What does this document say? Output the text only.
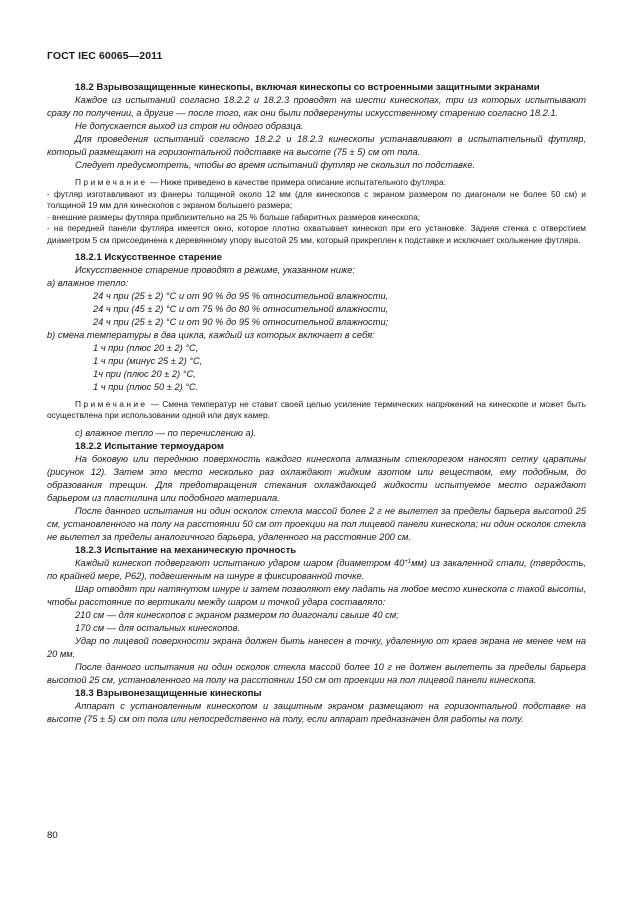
ГОСТ IEC 60065—2011

18.2 Взрывозащищенные кинескопы, включая кинескопы со встроенными защитными экранами

Каждое из испытаний согласно 18.2.2 и 18.2.3 проводят на шести кинескопах, три из которых испытывают сразу по получении, а другие — после того, как они были подвергнуты искусственному старению согласно 18.2.1.

Не допускается выход из строя ни одного образца.

Для проведения испытаний согласно 18.2.2 и 18.2.3 кинескопы устанавливают в испытательный футляр, который размещают на горизонтальной подставке на высоте (75 ± 5) см от пола.

Следует предусмотреть, чтобы во время испытаний футляр не скользил по подставке.

Примечание — Ниже приведено в качестве примера описание испытательного футляра:

- футляр изготавливают из фанеры толщиной около 12 мм (для кинескопов с экраном размером по диагонали не более 50 см) и толщиной 19 мм для кинескопов с экраном большего размера;

- внешние размеры футляра приблизительно на 25 % больше габаритных размеров кинескопа;

- на передней панели футляра имеется окно, которое плотно охватывает кинескоп при его установке. Задняя стенка с отверстием диаметром 5 см присоединена к деревянному упору высотой 25 мм, который прикреплен к подставке и исключает скольжение футляра.

18.2.1 Искусственное старение

Искусственное старение проводят в режиме, указанном ниже:

а) влажное тепло:

24 ч при (25 ± 2) °С и от 90 % до 95 % относительной влажности,

24 ч при (45 ± 2) °С и от 75 % до 80 % относительной влажности,

24 ч при (25 ± 2) °С и от 90 % до 95 % относительной влажности;

b) смена температуры в два цикла, каждый из которых включает в себя:

1 ч при (плюс 20 ± 2) °С,

1 ч при (минус 25 ± 2) °С,

1ч при (плюс 20 ± 2) °С,

1 ч при (плюс 50 ± 2) °С.

Примечание — Смена температур не ставит своей целью усиление термических напряжений на кинескопе и может быть осуществлена при использовании одной или двух камер.

с) влажное тепло — по перечислению а).

18.2.2 Испытание термоударом

На боковую или переднюю поверхность каждого кинескопа алмазным стеклорезом наносят сетку царапины (рисунок 12). Затем это место несколько раз охлаждают жидким азотом или веществом, ему подобным, до образования трещин. Для предотвращения стекания охлаждающей жидкости испытуемое место ограждают барьером из пластилина или подобного материала.

После данного испытания ни один осколок стекла массой более 2 г не вылетел за пределы барьера высотой 25 см, установленного на полу на расстоянии 50 см от проекции на пол лицевой панели кинескопа; ни один осколок стекла не вылетел за пределы аналогичного барьера, удаленного на расстояние 200 см.

18.2.3 Испытание на механическую прочность

Каждый кинескоп подвергают испытанию ударом шаром (диаметром $40^{+1}мм$) из закаленной стали, (твердость, по крайней мере, Р62), подвешенным на шнуре в фиксированной точке.

Шар отводят при натянутом шнуре и затем позволяют ему падать на любое место кинескопа с такой высоты, чтобы расстояние по вертикали между шаром и точкой удара составляло:

210 см — для кинескопов с экраном размером по диагонали свыше 40 см;

170 см — для остальных кинескопов.

Удар по лицевой поверхности экрана должен быть нанесен в точку, удаленную от краев экрана не менее чем на 20 мм.

После данного испытания ни один осколок стекла массой более 10 г не должен вылететь за пределы барьера высотой 25 см, установленного на полу на расстоянии 150 см от проекции на пол лицевой панели кинескопа.

18.3 Взрывонезащищенные кинескопы

Аппарат с установленным кинескопом и защитным экраном размещают на горизонтальной подставке на высоте (75 ± 5) см от пола или непосредственно на полу, если аппарат предназначен для работы на полу.

80
